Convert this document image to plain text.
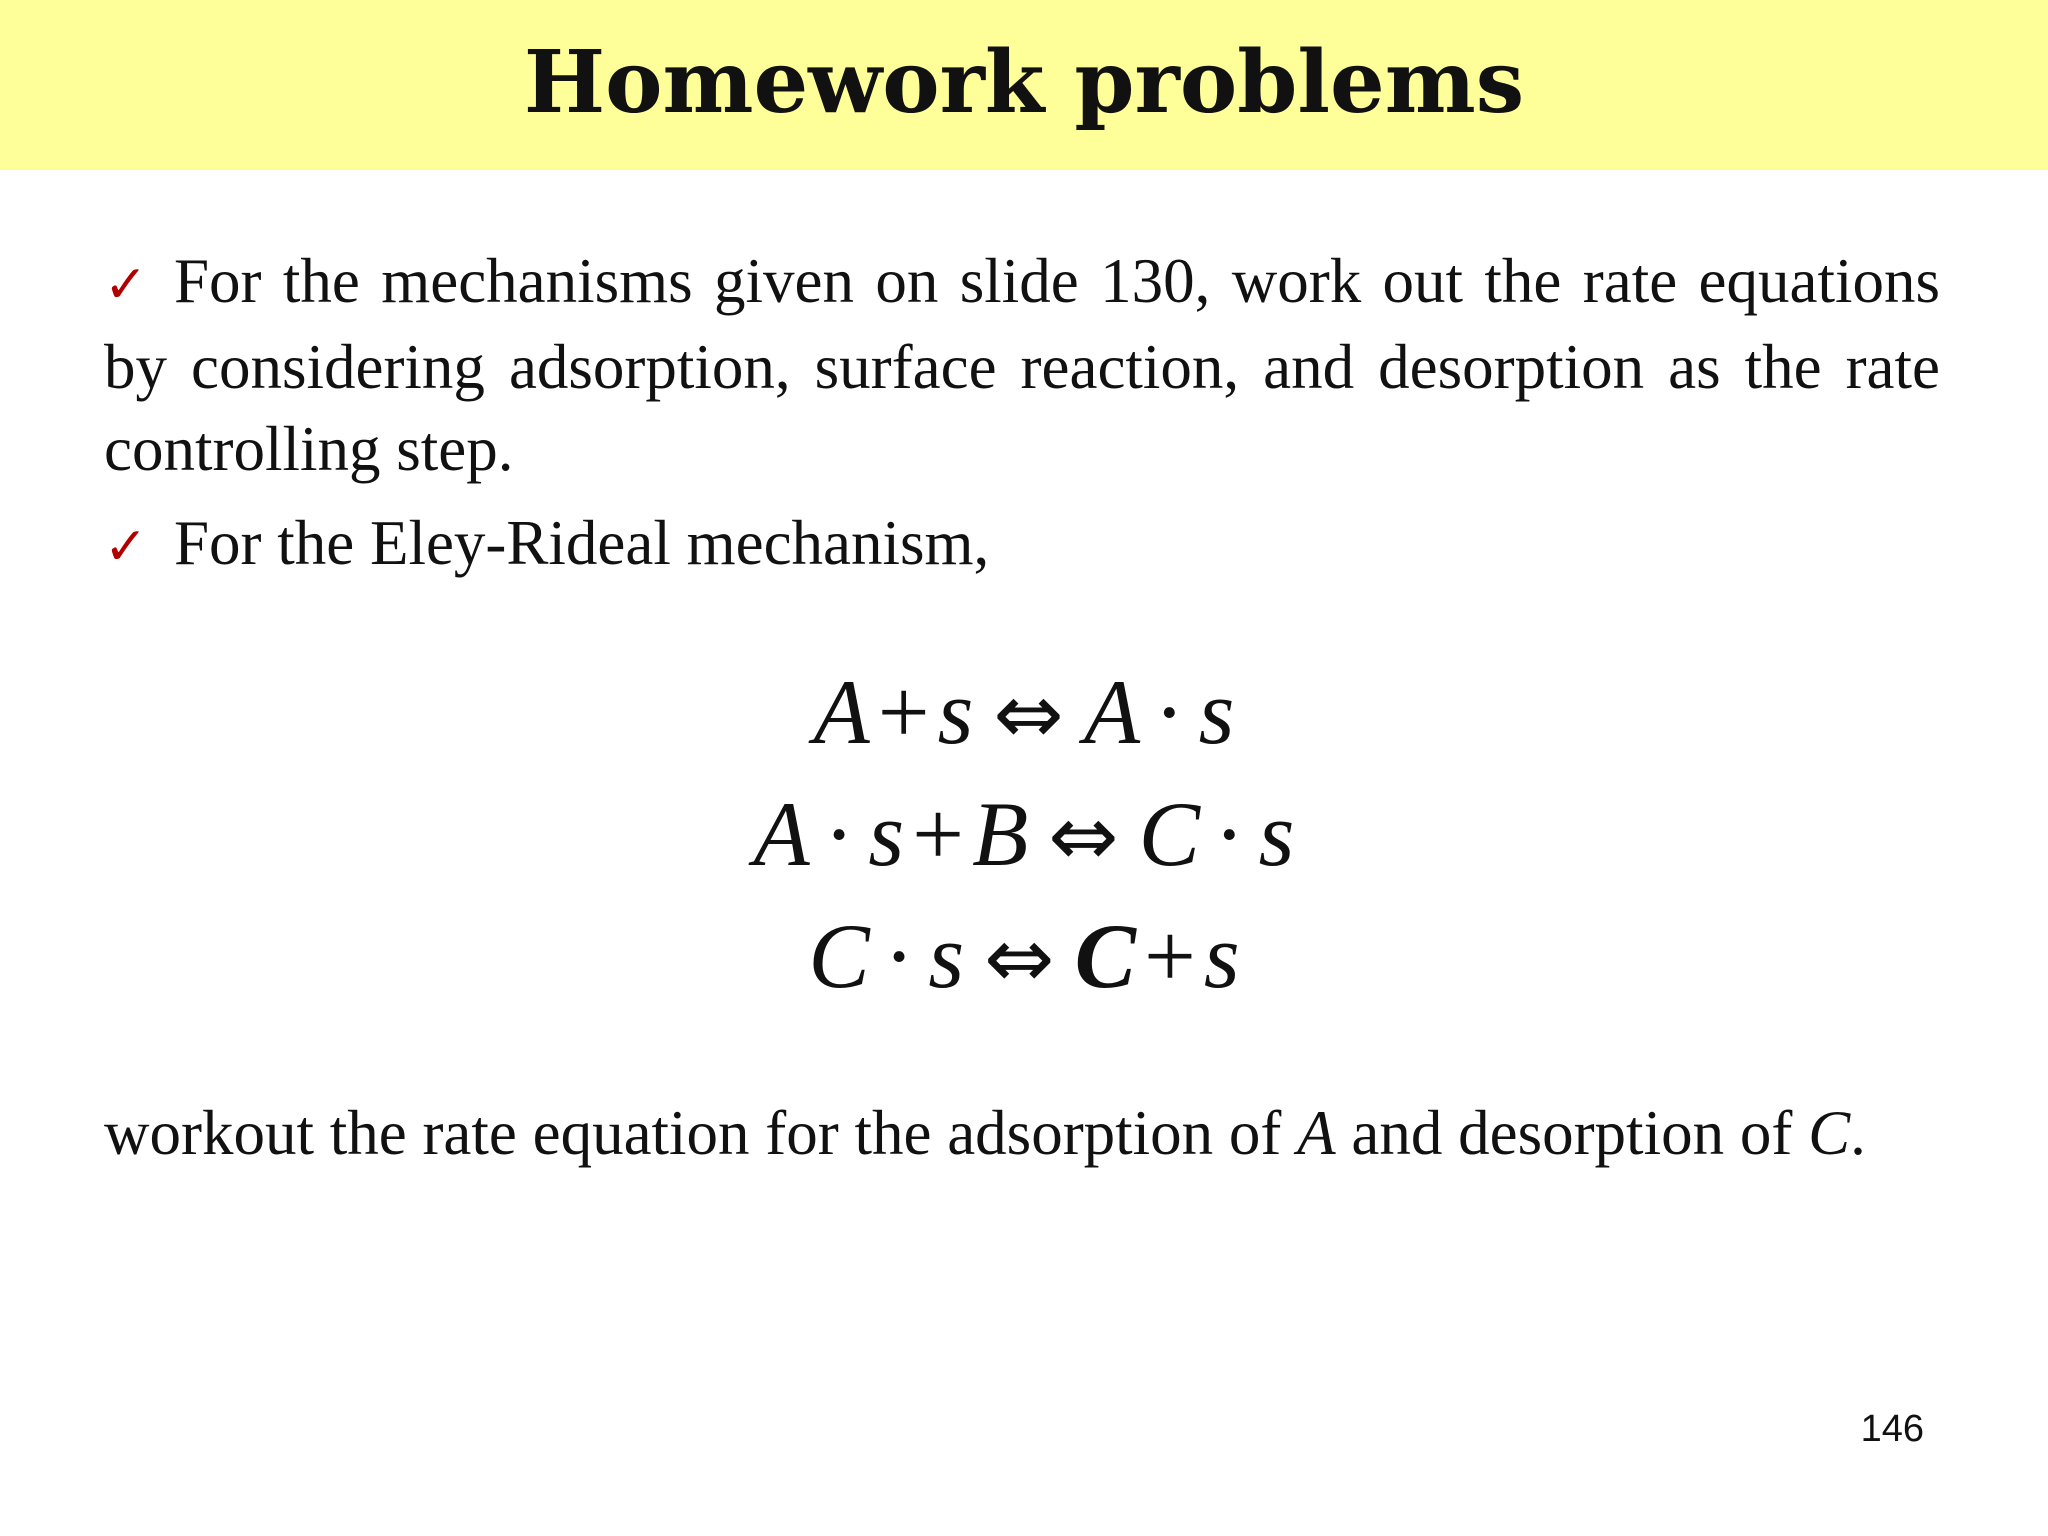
Homework problems
✓ For the mechanisms given on slide 130, work out the rate equations by considering adsorption, surface reaction, and desorption as the rate controlling step.
✓ For the Eley-Rideal mechanism,
A+s ⇔ A · s
A · s+B ⇔ C · s
C · s ⇔ C+s
workout the rate equation for the adsorption of A and desorption of C.
146
